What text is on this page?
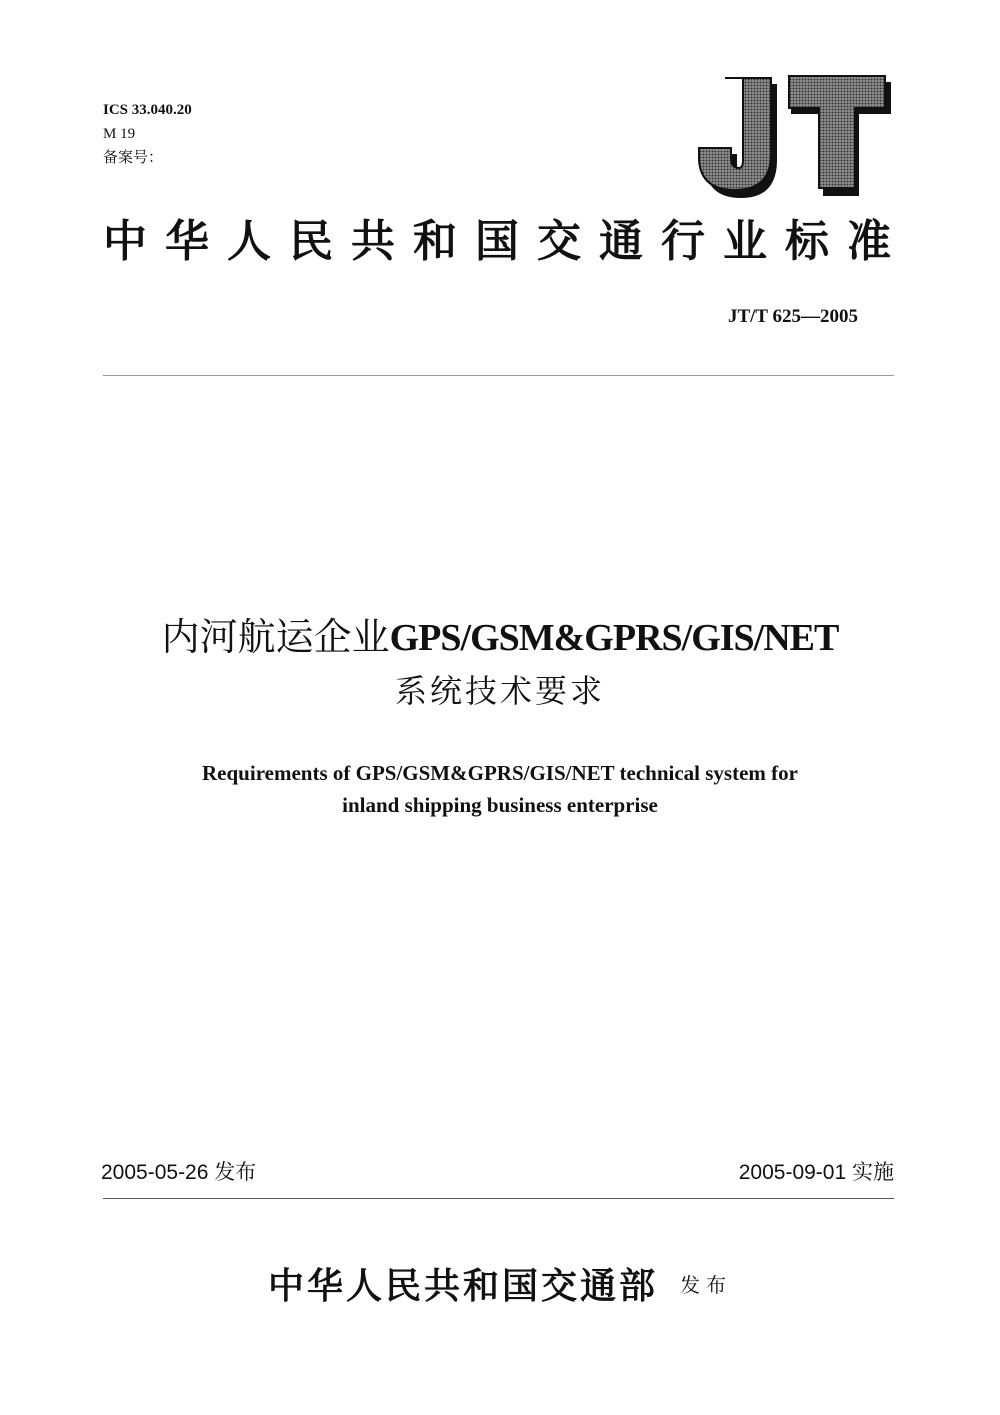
ICS 33.040.20
M 19
备案号：
JT
中华人民共和国交通行业标准
JT/T 625—2005
内河航运企业GPS/GSM&GPRS/GIS/NET
系统技术要求
Requirements of GPS/GSM&GPRS/GIS/NET technical system for
inland shipping business enterprise
2005-05-26 发布	2005-09-01 实施
中华人民共和国交通部 发布
